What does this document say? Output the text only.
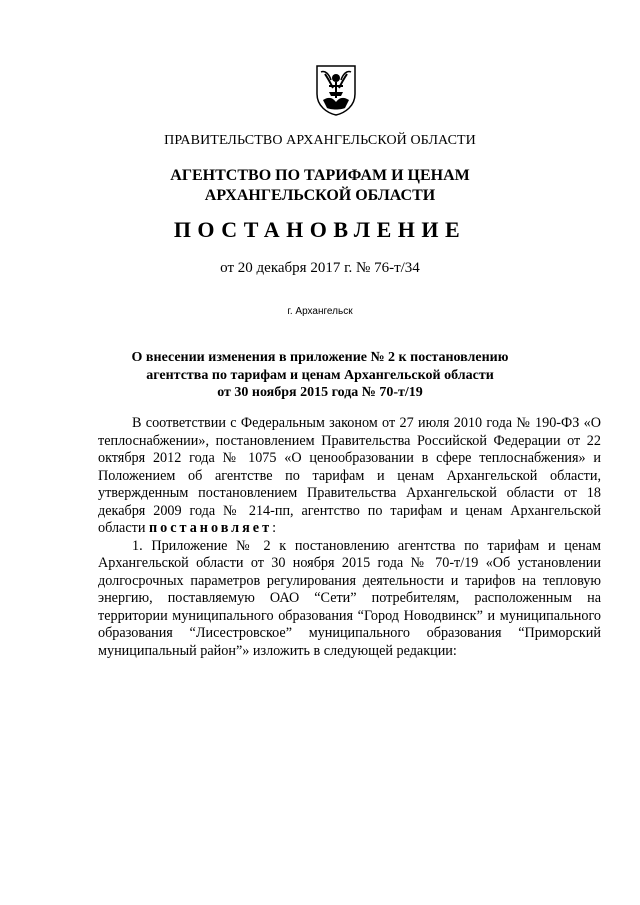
ПРАВИТЕЛЬСТВО АРХАНГЕЛЬСКОЙ ОБЛАСТИ
АГЕНТСТВО ПО ТАРИФАМ И ЦЕНАМ
АРХАНГЕЛЬСКОЙ ОБЛАСТИ
ПОСТАНОВЛЕНИЕ
от 20 декабря 2017 г. № 76-т/34
г. Архангельск
О внесении изменения в приложение № 2 к постановлению
агентства по тарифам и ценам Архангельской области
от 30 ноября 2015 года № 70-т/19

В соответствии с Федеральным законом от 27 июля 2010 года № 190-ФЗ «О теплоснабжении», постановлением Правительства Российской Федерации от 22 октября 2012 года № 1075 «О ценообразовании в сфере теплоснабжения» и Положением об агентстве по тарифам и ценам Архангельской области, утвержденным постановлением Правительства Архангельской области от 18 декабря 2009 года № 214-пп, агентство по тарифам и ценам Архангельской области постановляет:

1. Приложение № 2 к постановлению агентства по тарифам и ценам Архангельской области от 30 ноября 2015 года № 70-т/19 «Об установлении долгосрочных параметров регулирования деятельности и тарифов на тепловую энергию, поставляемую ОАО “Сети” потребителям, расположенным на территории муниципального образования “Город Новодвинск” и муниципального образования “Лисестровское” муниципального образования “Приморский муниципальный район”» изложить в следующей редакции:
